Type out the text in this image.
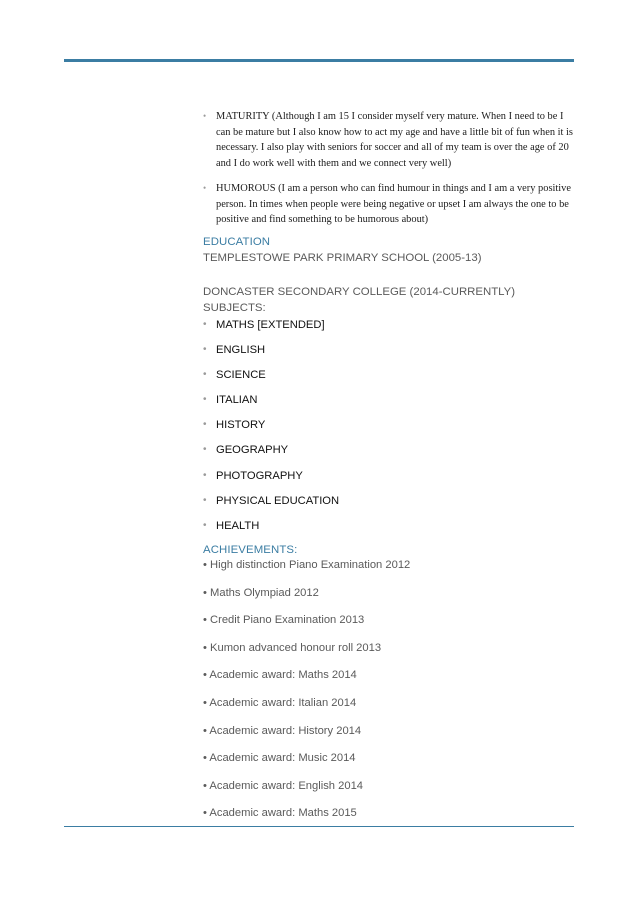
• MATURITY (Although I am 15 I consider myself very mature. When I need to be I can be mature but I also know how to act my age and have a little bit of fun when it is necessary. I also play with seniors for soccer and all of my team is over the age of 20 and I do work well with them and we connect very well)
• HUMOROUS (I am a person who can find humour in things and I am a very positive person. In times when people were being negative or upset I am always the one to be positive and find something to be humorous about)
EDUCATION
TEMPLESTOWE PARK PRIMARY SCHOOL (2005-13)
DONCASTER SECONDARY COLLEGE (2014-CURRENTLY)
SUBJECTS:
• MATHS [EXTENDED]
• ENGLISH
• SCIENCE
• ITALIAN
• HISTORY
• GEOGRAPHY
• PHOTOGRAPHY
• PHYSICAL EDUCATION
• HEALTH
ACHIEVEMENTS:
• High distinction Piano Examination 2012
• Maths Olympiad 2012
• Credit Piano Examination 2013
• Kumon advanced honour roll 2013
• Academic award: Maths 2014
• Academic award: Italian 2014
• Academic award: History 2014
• Academic award: Music 2014
• Academic award: English 2014
• Academic award: Maths 2015
